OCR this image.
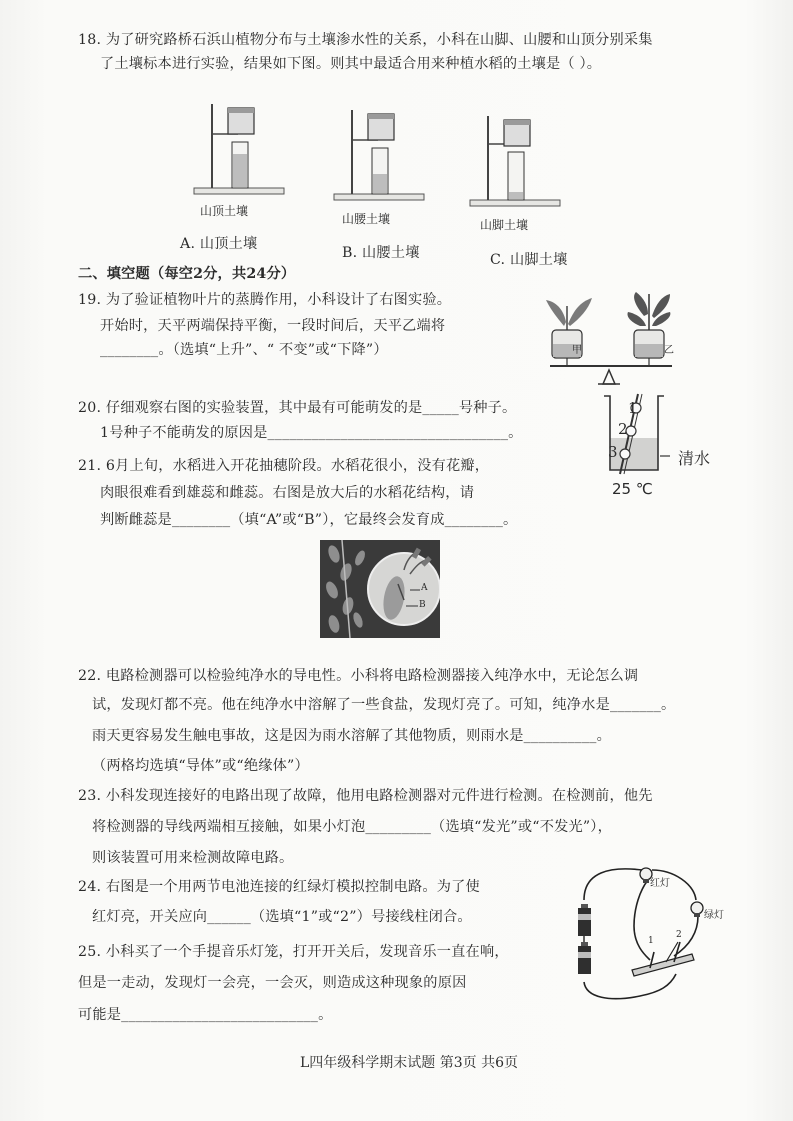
18. 为了研究路桥石浜山植物分布与土壤渗水性的关系，小科在山脚、山腰和山顶分别采集
了土壤标本进行实验，结果如下图。则其中最适合用来种植水稻的土壤是（ ）。
山顶土壤
山腰土壤	山脚土壤
A. 山顶土壤
B. 山腰土壤	C. 山脚土壤
二、填空题（每空2分，共24分）
19. 为了验证植物叶片的蒸腾作用，小科设计了右图实验。
开始时，天平两端保持平衡，一段时间后，天平乙端将
________。（选填“上升”、“ 不变”或“下降”）	甲	乙
20. 仔细观察右图的实验装置，其中最有可能萌发的是_____号种子。
1号种子不能萌发的原因是_________________________________。
1
2
3	清水
25 ℃
21. 6月上旬，水稻进入开花抽穗阶段。水稻花很小，没有花瓣，
肉眼很难看到雄蕊和雌蕊。右图是放大后的水稻花结构，请
判断雌蕊是________（填“A”或“B”），它最终会发育成________。
A
B
22. 电路检测器可以检验纯净水的导电性。小科将电路检测器接入纯净水中，无论怎么调
试，发现灯都不亮。他在纯净水中溶解了一些食盐，发现灯亮了。可知，纯净水是_______。
雨天更容易发生触电事故，这是因为雨水溶解了其他物质，则雨水是__________。
（两格均选填“导体”或“绝缘体”）
23. 小科发现连接好的电路出现了故障，他用电路检测器对元件进行检测。在检测前，他先
将检测器的导线两端相互接触，如果小灯泡_________（选填“发光”或“不发光”），
则该装置可用来检测故障电路。
24. 右图是一个用两节电池连接的红绿灯模拟控制电路。为了使
红灯亮，开关应向______（选填“1”或“2”）号接线柱闭合。
25. 小科买了一个手提音乐灯笼，打开开关后，发现音乐一直在响，
但是一走动，发现灯一会亮，一会灭，则造成这种现象的原因
可能是___________________________。
红灯
绿灯
1
2
L四年级科学期末试题 第3页 共6页
